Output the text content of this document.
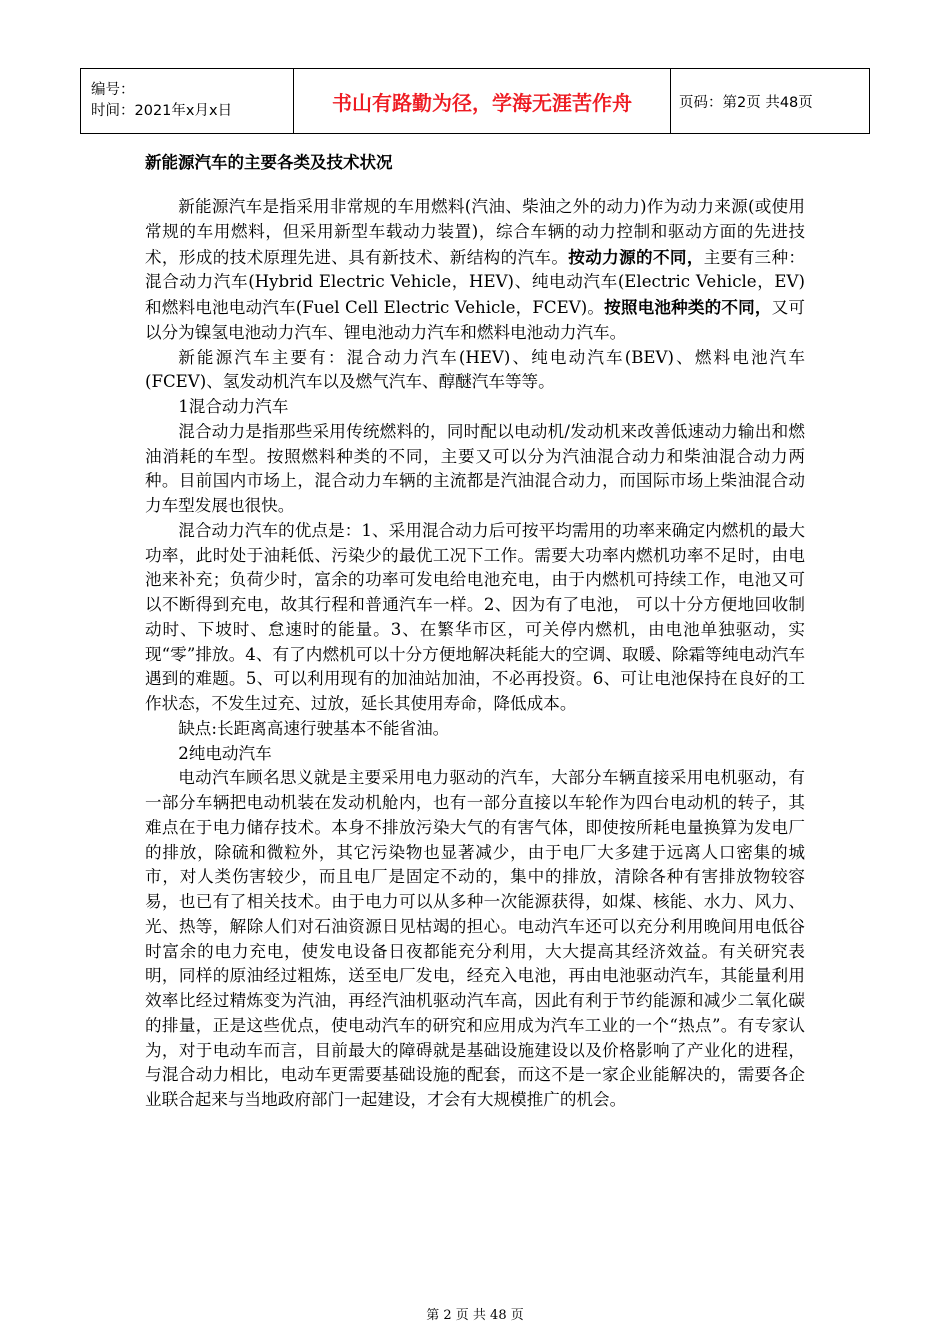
编号：
时间：2021年x月x日	书山有路勤为径，学海无涯苦作舟	页码：第2页 共48页
新能源汽车的主要各类及技术状况

新能源汽车是指采用非常规的车用燃料(汽油、柴油之外的动力)作为动力来源(或使用常规的车用燃料，但采用新型车载动力装置)，综合车辆的动力控制和驱动方面的先进技术，形成的技术原理先进、具有新技术、新结构的汽车。按动力源的不同，主要有三种：混合动力汽车(Hybrid Electric Vehicle，HEV)、纯电动汽车(Electric Vehicle，EV)和燃料电池电动汽车(Fuel Cell Electric Vehicle，FCEV)。按照电池种类的不同，又可以分为镍氢电池动力汽车、锂电池动力汽车和燃料电池动力汽车。

新能源汽车主要有：混合动力汽车(HEV)、纯电动汽车(BEV)、燃料电池汽车(FCEV)、氢发动机汽车以及燃气汽车、醇醚汽车等等。

1混合动力汽车

混合动力是指那些采用传统燃料的，同时配以电动机/发动机来改善低速动力输出和燃油消耗的车型。按照燃料种类的不同，主要又可以分为汽油混合动力和柴油混合动力两种。目前国内市场上，混合动力车辆的主流都是汽油混合动力，而国际市场上柴油混合动力车型发展也很快。

混合动力汽车的优点是：1、采用混合动力后可按平均需用的功率来确定内燃机的最大功率，此时处于油耗低、污染少的最优工况下工作。需要大功率内燃机功率不足时，由电池来补充；负荷少时，富余的功率可发电给电池充电，由于内燃机可持续工作，电池又可以不断得到充电，故其行程和普通汽车一样。2、因为有了电池， 可以十分方便地回收制动时、下坡时、怠速时的能量。3、在繁华市区，可关停内燃机，由电池单独驱动，实现“零”排放。4、有了内燃机可以十分方便地解决耗能大的空调、取暖、除霜等纯电动汽车遇到的难题。5、可以利用现有的加油站加油，不必再投资。6、可让电池保持在良好的工作状态，不发生过充、过放，延长其使用寿命，降低成本。

缺点:长距离高速行驶基本不能省油。

2纯电动汽车

电动汽车顾名思义就是主要采用电力驱动的汽车，大部分车辆直接采用电机驱动，有一部分车辆把电动机装在发动机舱内，也有一部分直接以车轮作为四台电动机的转子，其难点在于电力储存技术。本身不排放污染大气的有害气体，即使按所耗电量换算为发电厂的排放，除硫和微粒外，其它污染物也显著减少，由于电厂大多建于远离人口密集的城市，对人类伤害较少，而且电厂是固定不动的，集中的排放，清除各种有害排放物较容易，也已有了相关技术。由于电力可以从多种一次能源获得，如煤、核能、水力、风力、光、热等，解除人们对石油资源日见枯竭的担心。电动汽车还可以充分利用晚间用电低谷时富余的电力充电，使发电设备日夜都能充分利用，大大提高其经济效益。有关研究表明，同样的原油经过粗炼，送至电厂发电，经充入电池，再由电池驱动汽车，其能量利用效率比经过精炼变为汽油，再经汽油机驱动汽车高，因此有利于节约能源和减少二氧化碳的排量，正是这些优点，使电动汽车的研究和应用成为汽车工业的一个“热点”。有专家认为，对于电动车而言，目前最大的障碍就是基础设施建设以及价格影响了产业化的进程，与混合动力相比，电动车更需要基础设施的配套，而这不是一家企业能解决的，需要各企业联合起来与当地政府部门一起建设，才会有大规模推广的机会。

第 2 页 共 48 页
